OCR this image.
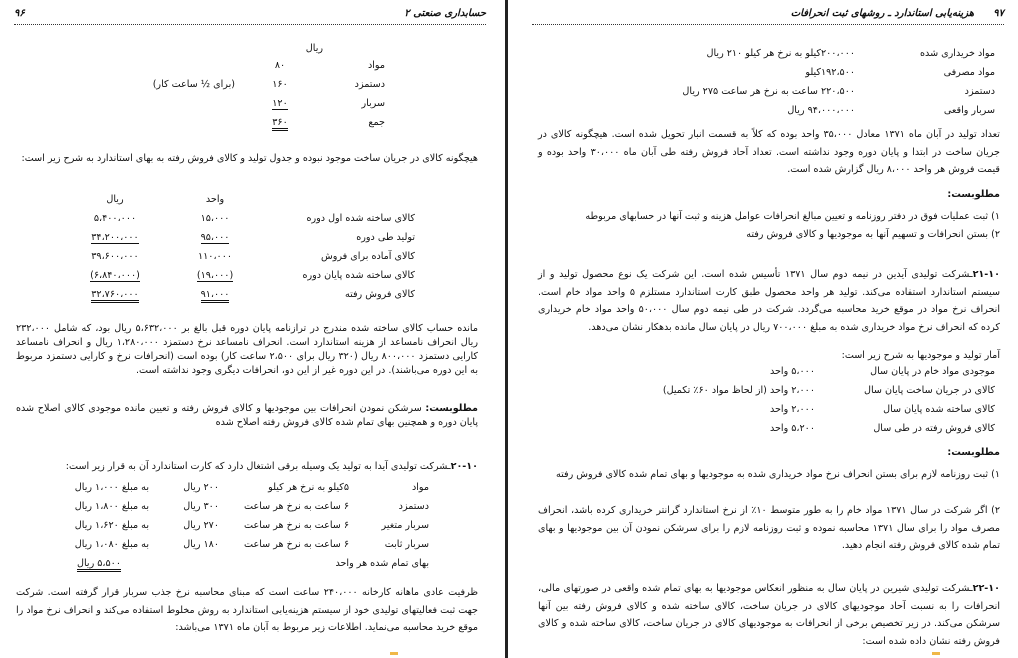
۹۶	حسابداری صنعتی ۲
ریال
مواد	۸۰	
دستمزد	۱۶۰	(برای ½ ساعت کار)
سربار	۱۲۰	
جمع	۳۶۰	
هیچگونه کالای در جریان ساخت موجود نبوده و جدول تولید و کالای فروش رفته به بهای استاندارد به شرح زیر است:
	واحد	ریال
کالای ساخته شده اول دوره	۱۵،۰۰۰	۵،۴۰۰،۰۰۰
تولید طی دوره	۹۵،۰۰۰	۳۴،۲۰۰،۰۰۰
کالای آماده برای فروش	۱۱۰،۰۰۰	۳۹،۶۰۰،۰۰۰
کالای ساخته شده پایان دوره	(۱۹،۰۰۰)	(۶،۸۴۰،۰۰۰)
کالای فروش رفته	۹۱،۰۰۰	۳۲،۷۶۰،۰۰۰
مانده حساب کالای ساخته شده مندرج در ترازنامه پایان دوره قبل بالغ بر ۵،۶۳۲،۰۰۰ ریال بود، که شامل ۲۳۲،۰۰۰ ریال انحراف نامساعد از هزینه استاندارد است. انحراف نامساعد نرخ دستمزد ۱،۲۸۰،۰۰۰ ریال و انحراف نامساعد کارایی دستمزد ۸۰۰،۰۰۰ ریال (۳۲۰ ریال برای ۲،۵۰۰ ساعت کار) بوده است (انحرافات نرخ و کارایی دستمزد مربوط به این دوره می‌باشند). در این دوره غیر از این دو، انحرافات دیگری وجود نداشته است.
مطلوبست: سرشکن نمودن انحرافات بین موجودیها و کالای فروش رفته و تعیین مانده موجودی کالای اصلاح شده پایان دوره و همچنین بهای تمام شده کالای فروش رفته اصلاح شده
۲۰-۱۰ـشرکت تولیدی آیدا به تولید یک وسیله برقی اشتغال دارد که کارت استاندارد آن به قرار زیر است:
مواد	۵کیلو به نرخ هر کیلو	۲۰۰ ریال	به مبلغ ۱،۰۰۰ ریال
دستمزد	۶ ساعت به نرخ هر ساعت	۳۰۰ ریال	به مبلغ ۱،۸۰۰ ریال
سربار متغیر	۶ ساعت به نرخ هر ساعت	۲۷۰ ریال	به مبلغ ۱،۶۲۰ ریال
سربار ثابت	۶ ساعت به نرخ هر ساعت	۱۸۰ ریال	به مبلغ ۱،۰۸۰ ریال
بهای تمام شده هر واحد			۵،۵۰۰ ریال
ظرفیت عادی ماهانه کارخانه ۲۴۰،۰۰۰ ساعت است که مبنای محاسبه نرخ جذب سربار قرار گرفته است. شرکت جهت ثبت فعالیتهای تولیدی خود از سیستم هزینه‌یابی استاندارد به روش مخلوط استفاده می‌کند و انحراف نرخ مواد را موقع خرید محاسبه می‌نماید. اطلاعات زیر مربوط به آبان ماه ۱۳۷۱ می‌باشد:
۹۷
هزینه‌یابی استاندارد ـ روشهای ثبت انحرافات
مواد خریداری شده	۲۰۰،۰۰۰کیلو به نرخ هر کیلو ۲۱۰ ریال
مواد مصرفی	۱۹۲،۵۰۰کیلو
دستمزد	۲۲۰،۵۰۰ ساعت به نرخ هر ساعت ۲۷۵ ریال
سربار واقعی	۹۴،۰۰۰،۰۰۰ ریال
تعداد تولید در آبان ماه ۱۳۷۱ معادل ۳۵،۰۰۰ واحد بوده که کلاً به قسمت انبار تحویل شده است. هیچگونه کالای در جریان ساخت در ابتدا و پایان دوره وجود نداشته است. تعداد آحاد فروش رفته طی آبان ماه ۳۰،۰۰۰ واحد بوده و قیمت فروش هر واحد ۸،۰۰۰ ریال گزارش شده است.
مطلوبست:
۱) ثبت عملیات فوق در دفتر روزنامه و تعیین مبالغ انحرافات عوامل هزینه و ثبت آنها در حسابهای مربوطه
۲) بستن انحرافات و تسهیم آنها به موجودیها و کالای فروش رفته
۲۱-۱۰ـشرکت تولیدی آیدین در نیمه دوم سال ۱۳۷۱ تأسیس شده است. این شرکت یک نوع محصول تولید و از سیستم استاندارد استفاده می‌کند. تولید هر واحد محصول طبق کارت استاندارد مستلزم ۵ واحد مواد خام است. انحراف نرخ مواد در موقع خرید محاسبه می‌گردد. شرکت در طی نیمه دوم سال ۵۰،۰۰۰ واحد مواد خام خریداری کرده که انحراف نرخ مواد خریداری شده به مبلغ ۷۰۰،۰۰۰ ریال در پایان سال مانده بدهکار نشان می‌دهد.
آمار تولید و موجودیها به شرح زیر است:
موجودی مواد خام در پایان سال	۵،۰۰۰ واحد
کالای در جریان ساخت پایان سال	۲،۰۰۰ واحد (از لحاظ مواد ۶۰٪ تکمیل)
کالای ساخته شده پایان سال	۲،۰۰۰ واحد
کالای فروش رفته در طی سال	۵،۲۰۰ واحد
مطلوبست:
۱) ثبت روزنامه لازم برای بستن انحراف نرخ مواد خریداری شده به موجودیها و بهای تمام شده کالای فروش رفته
۲) اگر شرکت در سال ۱۳۷۱ مواد خام را به طور متوسط ۱۰٪ از نرخ استاندارد گرانتر خریداری کرده باشد، انحراف مصرف مواد را برای سال ۱۳۷۱ محاسبه نموده و ثبت روزنامه لازم را برای سرشکن نمودن آن بین موجودیها و بهای تمام شده کالای فروش رفته انجام دهید.
۲۲-۱۰ـشرکت تولیدی شیرین در پایان سال به منظور انعکاس موجودیها به بهای تمام شده واقعی در صورتهای مالی، انحرافات را به نسبت آحاد موجودیهای کالای در جریان ساخت، کالای ساخته شده و کالای فروش رفته بین آنها سرشکن می‌کند. در زیر تخصیص برخی از انحرافات به موجودیهای کالای در جریان ساخت، کالای ساخته شده و کالای فروش رفته نشان داده شده است:
